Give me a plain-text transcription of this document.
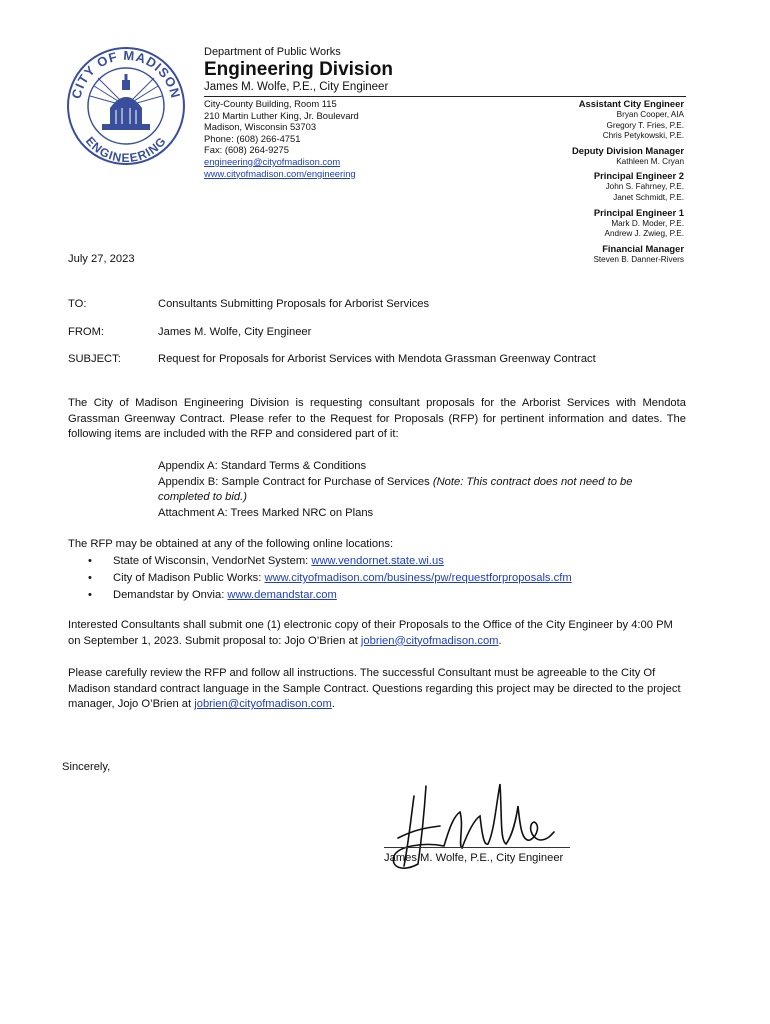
CITY OF MADISON
ENGINEERING
Department of Public Works
Engineering Division
James M. Wolfe, P.E., City Engineer
City-County Building, Room 115
210 Martin Luther King, Jr. Boulevard
Madison, Wisconsin 53703
Phone: (608) 266-4751
Fax: (608) 264-9275
engineering@cityofmadison.com
www.cityofmadison.com/engineering
Assistant City Engineer
Bryan Cooper, AIA
Gregory T. Fries, P.E.
Chris Petykowski, P.E.
Deputy Division Manager
Kathleen M. Cryan
Principal Engineer 2
John S. Fahrney, P.E.
Janet Schmidt, P.E.
Principal Engineer 1
Mark D. Moder, P.E.
Andrew J. Zwieg, P.E.
Financial Manager
Steven B. Danner-Rivers
July 27, 2023
TO:	Consultants Submitting Proposals for Arborist Services
FROM:	James M. Wolfe, City Engineer
SUBJECT:	Request for Proposals for Arborist Services with Mendota Grassman Greenway Contract
The City of Madison Engineering Division is requesting consultant proposals for the Arborist Services with Mendota Grassman Greenway Contract. Please refer to the Request for Proposals (RFP) for pertinent information and dates. The following items are included with the RFP and considered part of it:
Appendix A: Standard Terms & Conditions
Appendix B: Sample Contract for Purchase of Services (Note: This contract does not need to be completed to bid.)
Attachment A: Trees Marked NRC on Plans
The RFP may be obtained at any of the following online locations:
• State of Wisconsin, VendorNet System: www.vendornet.state.wi.us
• City of Madison Public Works: www.cityofmadison.com/business/pw/requestforproposals.cfm
• Demandstar by Onvia: www.demandstar.com
Interested Consultants shall submit one (1) electronic copy of their Proposals to the Office of the City Engineer by 4:00 PM on September 1, 2023. Submit proposal to: Jojo O’Brien at jobrien@cityofmadison.com.
Please carefully review the RFP and follow all instructions. The successful Consultant must be agreeable to the City Of Madison standard contract language in the Sample Contract. Questions regarding this project may be directed to the project manager, Jojo O’Brien at jobrien@cityofmadison.com.
Sincerely,
James M. Wolfe, P.E., City Engineer
